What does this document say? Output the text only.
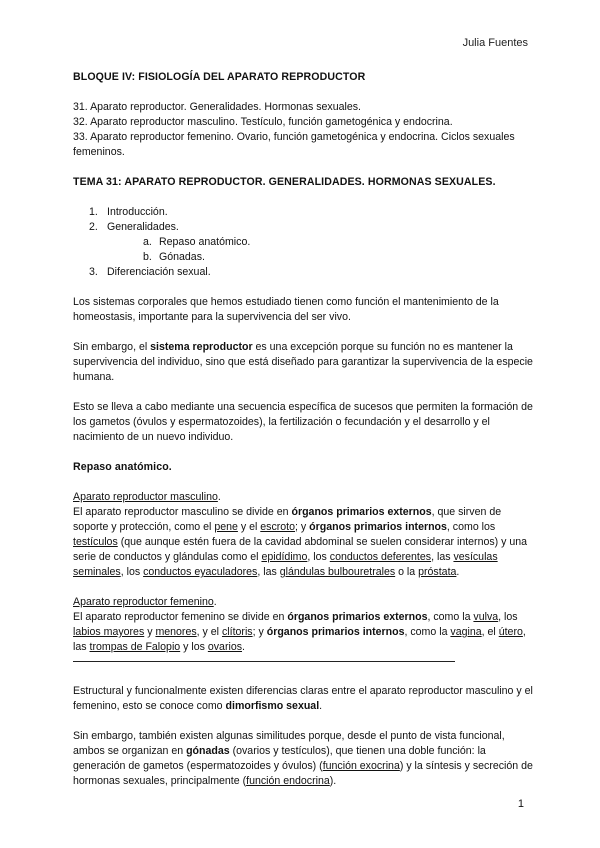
Julia Fuentes

BLOQUE IV: FISIOLOGÍA DEL APARATO REPRODUCTOR

31. Aparato reproductor. Generalidades. Hormonas sexuales.

32. Aparato reproductor masculino. Testículo, función gametogénica y endocrina.

33. Aparato reproductor femenino. Ovario, función gametogénica y endocrina. Ciclos sexuales femeninos.

TEMA 31: APARATO REPRODUCTOR. GENERALIDADES. HORMONAS SEXUALES.

1. Introducción.
2. Generalidades.
a. Repaso anatómico.
b. Gónadas.
3. Diferenciación sexual.

Los sistemas corporales que hemos estudiado tienen como función el mantenimiento de la homeostasis, importante para la supervivencia del ser vivo.

Sin embargo, el sistema reproductor es una excepción porque su función no es mantener la supervivencia del individuo, sino que está diseñado para garantizar la supervivencia de la especie humana.

Esto se lleva a cabo mediante una secuencia específica de sucesos que permiten la formación de los gametos (óvulos y espermatozoides), la fertilización o fecundación y el desarrollo y el nacimiento de un nuevo individuo.

Repaso anatómico.

Aparato reproductor masculino.

El aparato reproductor masculino se divide en órganos primarios externos, que sirven de soporte y protección, como el pene y el escroto; y órganos primarios internos, como los testículos (que aunque estén fuera de la cavidad abdominal se suelen considerar internos) y una serie de conductos y glándulas como el epidídimo, los conductos deferentes, las vesículas seminales, los conductos eyaculadores, las glándulas bulbouretrales o la próstata.

Aparato reproductor femenino.

El aparato reproductor femenino se divide en órganos primarios externos, como la vulva, los labios mayores y menores, y el clítoris; y órganos primarios internos, como la vagina, el útero, las trompas de Falopio y los ovarios.

Estructural y funcionalmente existen diferencias claras entre el aparato reproductor masculino y el femenino, esto se conoce como dimorfismo sexual.

Sin embargo, también existen algunas similitudes porque, desde el punto de vista funcional, ambos se organizan en gónadas (ovarios y testículos), que tienen una doble función: la generación de gametos (espermatozoides y óvulos) (función exocrina) y la síntesis y secreción de hormonas sexuales, principalmente (función endocrina).

1
